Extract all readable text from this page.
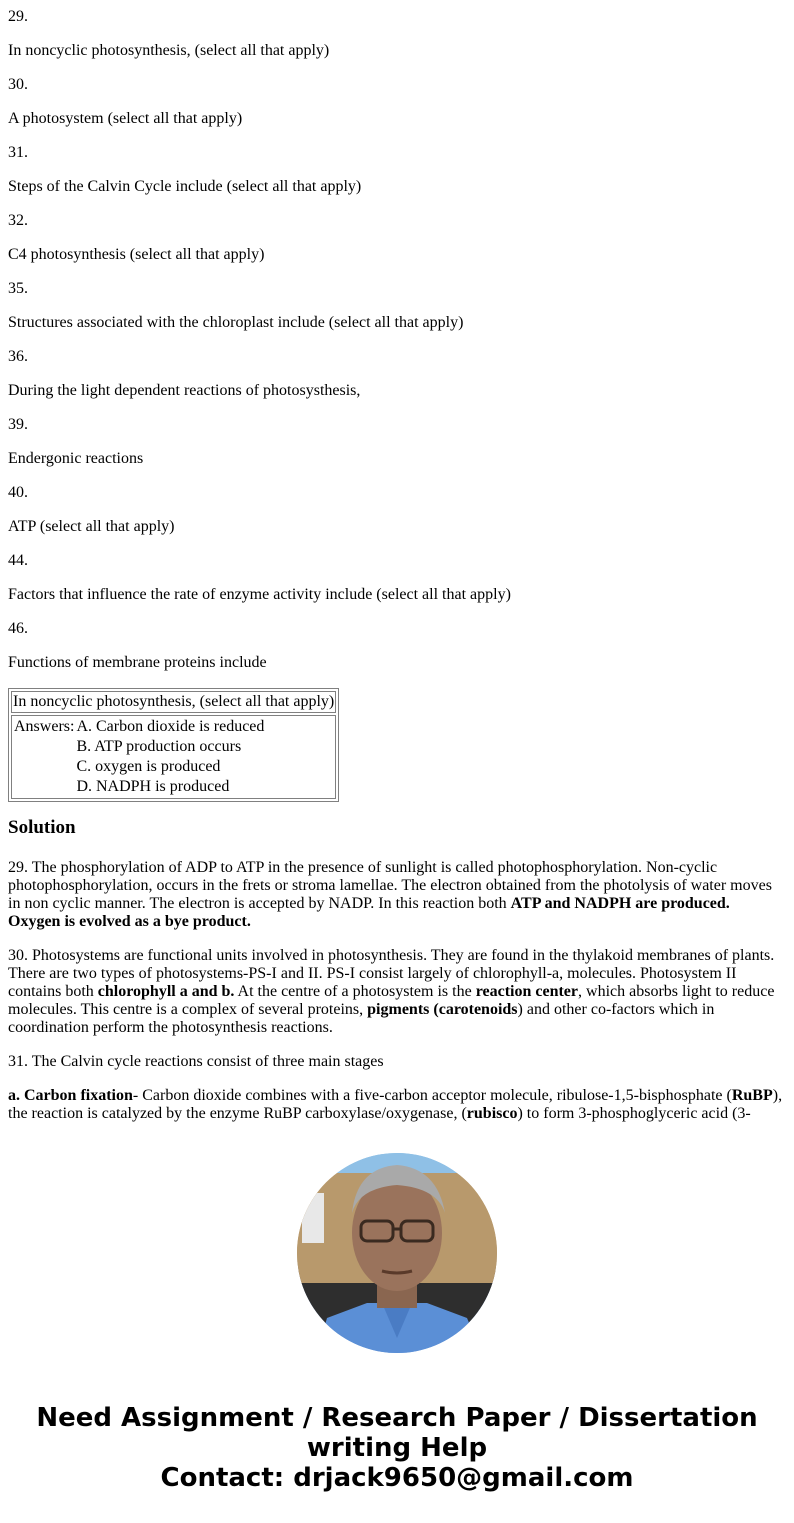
29.
In noncyclic photosynthesis, (select all that apply)
30.
A photosystem (select all that apply)
31.
Steps of the Calvin Cycle include (select all that apply)
32.
C4 photosynthesis (select all that apply)
35.
Structures associated with the chloroplast include (select all that apply)
36.
During the light dependent reactions of photosysthesis,
39.
Endergonic reactions
40.
ATP (select all that apply)
44.
Factors that influence the rate of enzyme activity include (select all that apply)
46.
Functions of membrane proteins include
In noncyclic photosynthesis, (select all that apply)

Answers:	A. Carbon dioxide is reduced
	B. ATP production occurs
	C. oxygen is produced
	D. NADPH is produced
Solution

29. The phosphorylation of ADP to ATP in the presence of sunlight is called photophosphorylation. Non-cyclic photophosphorylation, occurs in the frets or stroma lamellae. The electron obtained from the photolysis of water moves in non cyclic manner. The electron is accepted by NADP. In this reaction both ATP and NADPH are produced. Oxygen is evolved as a bye product.

30. Photosystems are functional units involved in photosynthesis. They are found in the thylakoid membranes of plants. There are two types of photosystems-PS-I and II. PS-I consist largely of chlorophyll-a, molecules. Photosystem II contains both chlorophyll a and b. At the centre of a photosystem is the reaction center, which absorbs light to reduce molecules. This centre is a complex of several proteins, pigments (carotenoids) and other co-factors which in coordination perform the photosynthesis reactions.

31. The Calvin cycle reactions consist of three main stages

a. Carbon fixation- Carbon dioxide combines with a five-carbon acceptor molecule, ribulose-1,5-bisphosphate (RuBP), the reaction is catalyzed by the enzyme RuBP carboxylase/oxygenase, (rubisco) to form 3-phosphoglyceric acid (3-

Need Assignment / Research Paper / Dissertation writing Help
Contact: drjack9650@gmail.com
